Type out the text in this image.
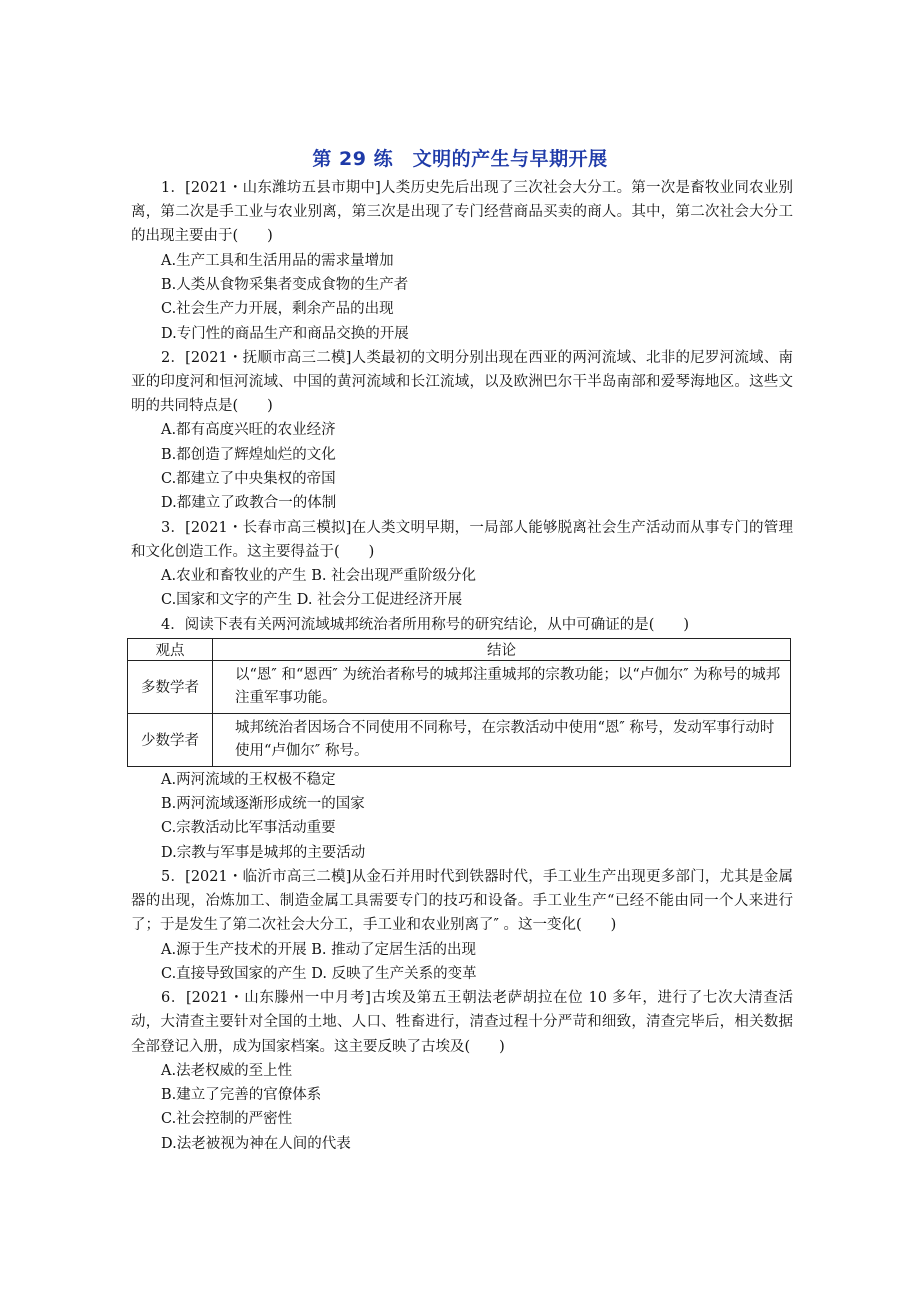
第 29 练　文明的产生与早期开展

1．[2021・山东潍坊五县市期中]人类历史先后出现了三次社会大分工。第一次是畜牧业同农业别离，第二次是手工业与农业别离，第三次是出现了专门经营商品买卖的商人。其中，第二次社会大分工的出现主要由于(　　)

A.生产工具和生活用品的需求量增加

B.人类从食物采集者变成食物的生产者

C.社会生产力开展，剩余产品的出现

D.专门性的商品生产和商品交换的开展

2．[2021・抚顺市高三二模]人类最初的文明分别出现在西亚的两河流域、北非的尼罗河流域、南亚的印度河和恒河流域、中国的黄河流域和长江流域，以及欧洲巴尔干半岛南部和爱琴海地区。这些文明的共同特点是(　　)

A.都有高度兴旺的农业经济

B.都创造了辉煌灿烂的文化

C.都建立了中央集权的帝国

D.都建立了政教合一的体制

3．[2021・长春市高三模拟]在人类文明早期，一局部人能够脱离社会生产活动而从事专门的管理和文化创造工作。这主要得益于(　　)

A.农业和畜牧业的产生 B. 社会出现严重阶级分化

C.国家和文字的产生 D. 社会分工促进经济开展

4．阅读下表有关两河流域城邦统治者所用称号的研究结论，从中可确证的是(　　)

观点	结论
多数学者	以“恩″ 和“恩西″ 为统治者称号的城邦注重城邦的宗教功能；以“卢伽尔″ 为称号的城邦注重军事功能。
少数学者	城邦统治者因场合不同使用不同称号，在宗教活动中使用“恩″ 称号，发动军事行动时使用“卢伽尔″ 称号。

A.两河流域的王权极不稳定

B.两河流域逐渐形成统一的国家

C.宗教活动比军事活动重要

D.宗教与军事是城邦的主要活动

5．[2021・临沂市高三二模]从金石并用时代到铁器时代，手工业生产出现更多部门，尤其是金属器的出现，冶炼加工、制造金属工具需要专门的技巧和设备。手工业生产“已经不能由同一个人来进行了；于是发生了第二次社会大分工，手工业和农业别离了″ 。这一变化(　　)

A.源于生产技术的开展 B. 推动了定居生活的出现

C.直接导致国家的产生 D. 反映了生产关系的变革

6．[2021・山东滕州一中月考]古埃及第五王朝法老萨胡拉在位 10 多年，进行了七次大清查活动，大清查主要针对全国的土地、人口、牲畜进行，清查过程十分严苛和细致，清查完毕后，相关数据全部登记入册，成为国家档案。这主要反映了古埃及(　　)

A.法老权威的至上性

B.建立了完善的官僚体系

C.社会控制的严密性

D.法老被视为神在人间的代表
